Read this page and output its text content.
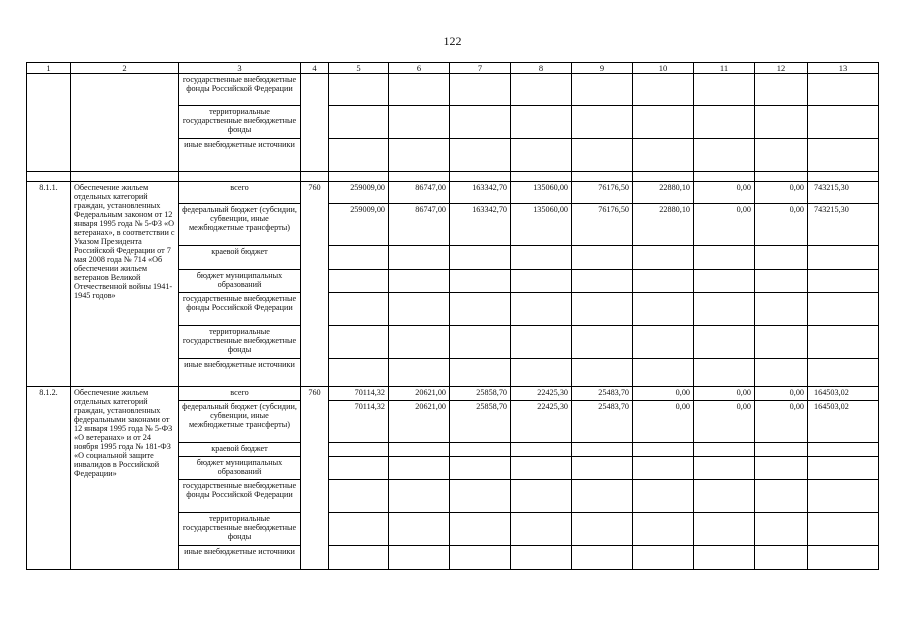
122
1	2	3	4	5	6	7	8	9	10	11	12	13
		государственные внебюджетные фонды Российской Федерации										
		территориальные государственные внебюджетные фонды										
		иные внебюджетные источники										

8.1.1.	Обеспечение жильем отдельных категорий граждан, установленных Федеральным законом от 12 января 1995 года № 5-ФЗ «О ветеранах», в соответствии с Указом Президента Российской Федерации от 7 мая 2008 года № 714 «Об обеспечении жильем ветеранов Великой Отечественной войны 1941-1945 годов»	всего	760	259009,00	86747,00	163342,70	135060,00	76176,50	22880,10	0,00	0,00	743215,30
		федеральный бюджет (субсидии, субвенции, иные межбюджетные трансферты)		259009,00	86747,00	163342,70	135060,00	76176,50	22880,10	0,00	0,00	743215,30
		краевой бюджет										
		бюджет муниципальных образований										
		государственные внебюджетные фонды Российской Федерации										
		территориальные государственные внебюджетные фонды										
		иные внебюджетные источники										
8.1.2.	Обеспечение жильем отдельных категорий граждан, установленных федеральными законами от 12 января 1995 года № 5-ФЗ «О ветеранах» и от 24 ноября 1995 года № 181-ФЗ «О социальной защите инвалидов в Российской Федерации»	всего	760	70114,32	20621,00	25858,70	22425,30	25483,70	0,00	0,00	0,00	164503,02
		федеральный бюджет (субсидии, субвенции, иные межбюджетные трансферты)		70114,32	20621,00	25858,70	22425,30	25483,70	0,00	0,00	0,00	164503,02
		краевой бюджет										
		бюджет муниципальных образований										
		государственные внебюджетные фонды Российской Федерации										
		территориальные государственные внебюджетные фонды										
		иные внебюджетные источники										
